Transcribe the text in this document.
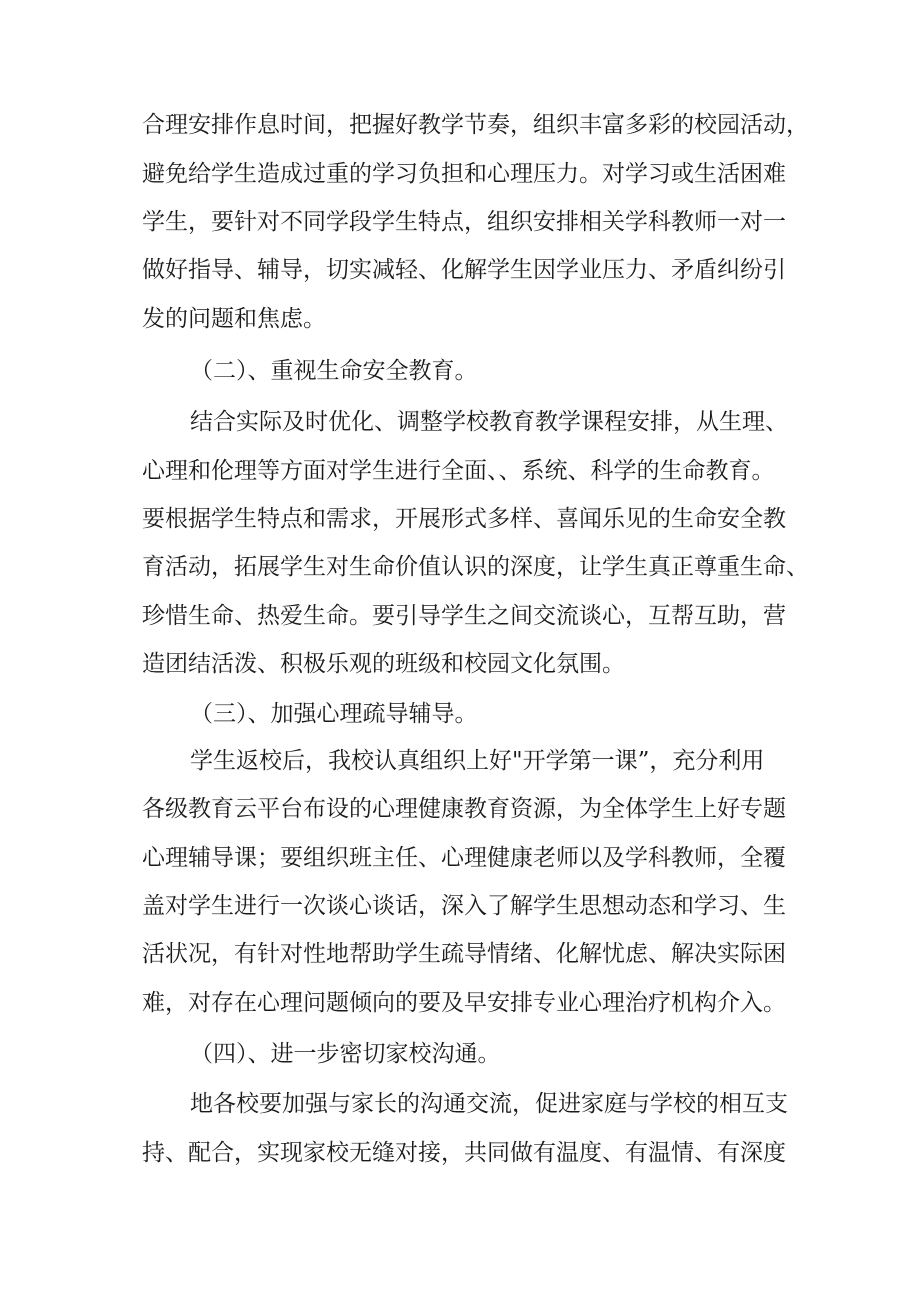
合理安排作息时间，把握好教学节奏，组织丰富多彩的校园活动，
避免给学生造成过重的学习负担和心理压力。对学习或生活困难
学生，要针对不同学段学生特点，组织安排相关学科教师一对一
做好指导、辅导，切实减轻、化解学生因学业压力、矛盾纠纷引
发的问题和焦虑。
（二）、重视生命安全教育。
结合实际及时优化、调整学校教育教学课程安排，从生理、
心理和伦理等方面对学生进行全面、、系统、科学的生命教育。
要根据学生特点和需求，开展形式多样、喜闻乐见的生命安全教
育活动，拓展学生对生命价值认识的深度，让学生真正尊重生命、
珍惜生命、热爱生命。要引导学生之间交流谈心，互帮互助，营
造团结活泼、积极乐观的班级和校园文化氛围。
（三）、加强心理疏导辅导。
学生返校后，我校认真组织上好"开学第一课”，充分利用
各级教育云平台布设的心理健康教育资源，为全体学生上好专题
心理辅导课；要组织班主任、心理健康老师以及学科教师，全覆
盖对学生进行一次谈心谈话，深入了解学生思想动态和学习、生
活状况，有针对性地帮助学生疏导情绪、化解忧虑、解决实际困
难，对存在心理问题倾向的要及早安排专业心理治疗机构介入。
（四）、进一步密切家校沟通。
地各校要加强与家长的沟通交流，促进家庭与学校的相互支
持、配合，实现家校无缝对接，共同做有温度、有温情、有深度
